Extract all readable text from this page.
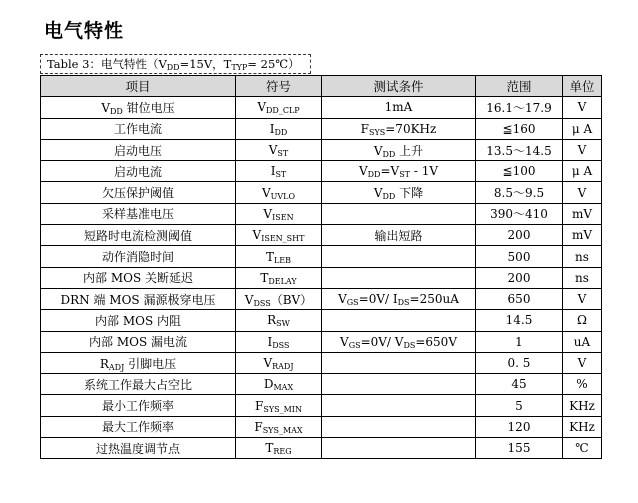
电气特性
Table 3：电气特性（$V_{DD}=15V$，$T_{TYP}=$ 25℃）
项目	符号	测试条件	范围	单位
$V_{DD}$ 钳位电压	$V_{DD\_CLP}$	1mA	16.1～17.9	V
工作电流	$I_{DD}$	$F_{SYS}=70KHz$	≦160	μ A
启动电压	$V_{ST}$	$V_{DD}$ 上升	13.5～14.5	V
启动电流	$I_{ST}$	$V_{DD}=V_{ST} - 1V$	≦100	μ A
欠压保护阈值	$V_{UVLO}$	$V_{DD}$ 下降	8.5～9.5	V
采样基准电压	$V_{ISEN}$		390～410	mV
短路时电流检测阈值	$V_{ISEN\_SHT}$	输出短路	200	mV
动作消隐时间	$T_{LEB}$		500	ns
内部 MOS 关断延迟	$T_{DELAY}$		200	ns
DRN 端 MOS 漏源极穿电压	$V_{DSS}(BV)$	$V_{GS}=0V/$ $I_{DS}=250uA$	650	V
内部 MOS 内阻	$R_{SW}$		14.5	Ω
内部 MOS 漏电流	$I_{DSS}$	$V_{GS}=0V/$ $V_{DS}=650V$	1	uA
$R_{ADJ}$ 引脚电压	$V_{RADJ}$		0. 5	V
系统工作最大占空比	$D_{MAX}$		45	%
最小工作频率	$F_{SYS\_MIN}$		5	KHz
最大工作频率	$F_{SYS\_MAX}$		120	KHz
过热温度调节点	$T_{REG}$		155	℃
